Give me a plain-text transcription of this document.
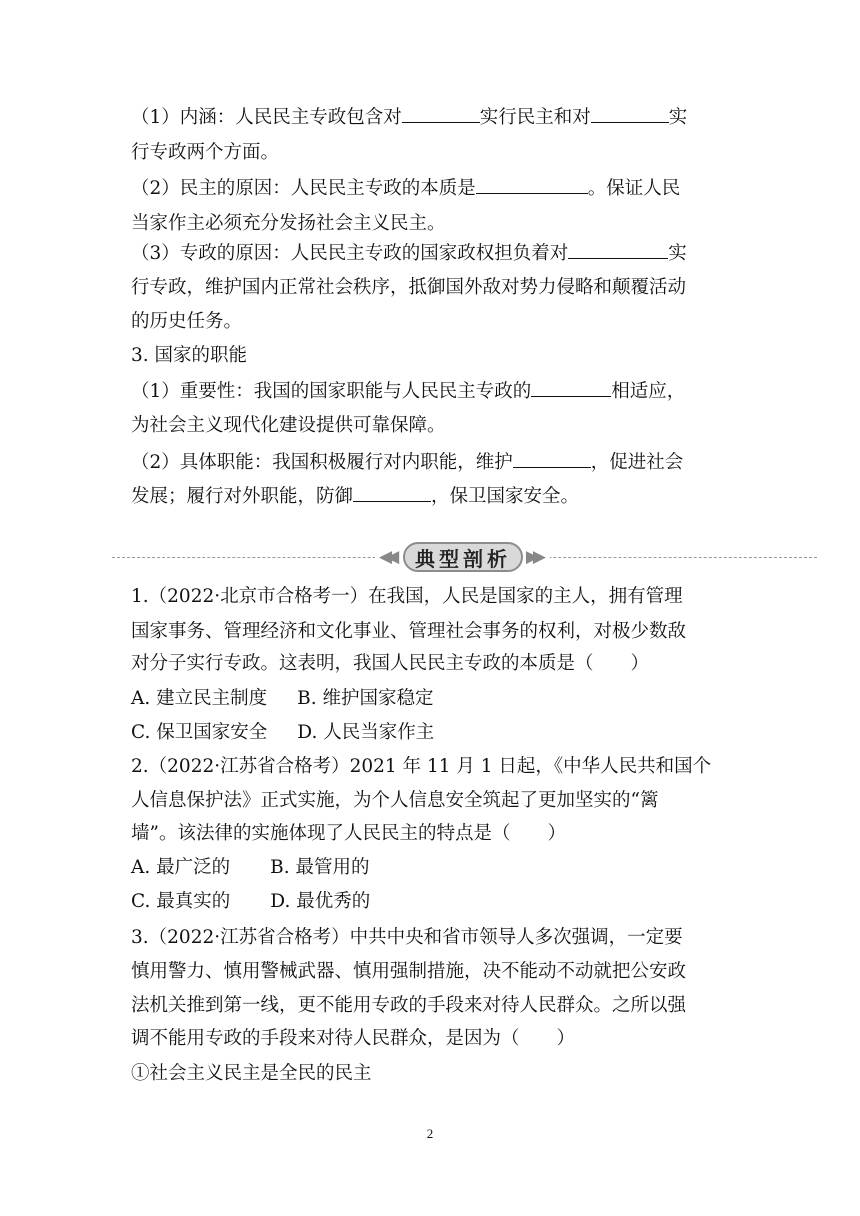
（1）内涵：人民民主专政包含对	实行民主和对	实
行专政两个方面。
（2）民主的原因：人民民主专政的本质是	。保证人民
当家作主必须充分发扬社会主义民主。
（3）专政的原因：人民民主专政的国家政权担负着对	实
行专政，维护国内正常社会秩序，抵御国外敌对势力侵略和颠覆活动
的历史任务。
3. 国家的职能
（1）重要性：我国的国家职能与人民民主专政的	相适应，
为社会主义现代化建设提供可靠保障。
（2）具体职能：我国积极履行对内职能，维护	，促进社会
发展；履行对外职能，防御	，保卫国家安全。
◀◀ 典型剖析 ▶▶
1.（2022·北京市合格考一）在我国，人民是国家的主人，拥有管理
国家事务、管理经济和文化事业、管理社会事务的权利，对极少数敌
对分子实行专政。这表明，我国人民民主专政的本质是（　　）
A. 建立民主制度 B. 维护国家稳定
C. 保卫国家安全 D. 人民当家作主
2.（2022·江苏省合格考）2021 年 11 月 1 日起，《中华人民共和国个
人信息保护法》正式实施，为个人信息安全筑起了更加坚实的“篱
墙”。该法律的实施体现了人民民主的特点是（　　）
A. 最广泛的 B. 最管用的
C. 最真实的 D. 最优秀的
3.（2022·江苏省合格考）中共中央和省市领导人多次强调，一定要
慎用警力、慎用警械武器、慎用强制措施，决不能动不动就把公安政
法机关推到第一线，更不能用专政的手段来对待人民群众。之所以强
调不能用专政的手段来对待人民群众，是因为（　　）
①社会主义民主是全民的民主
2
